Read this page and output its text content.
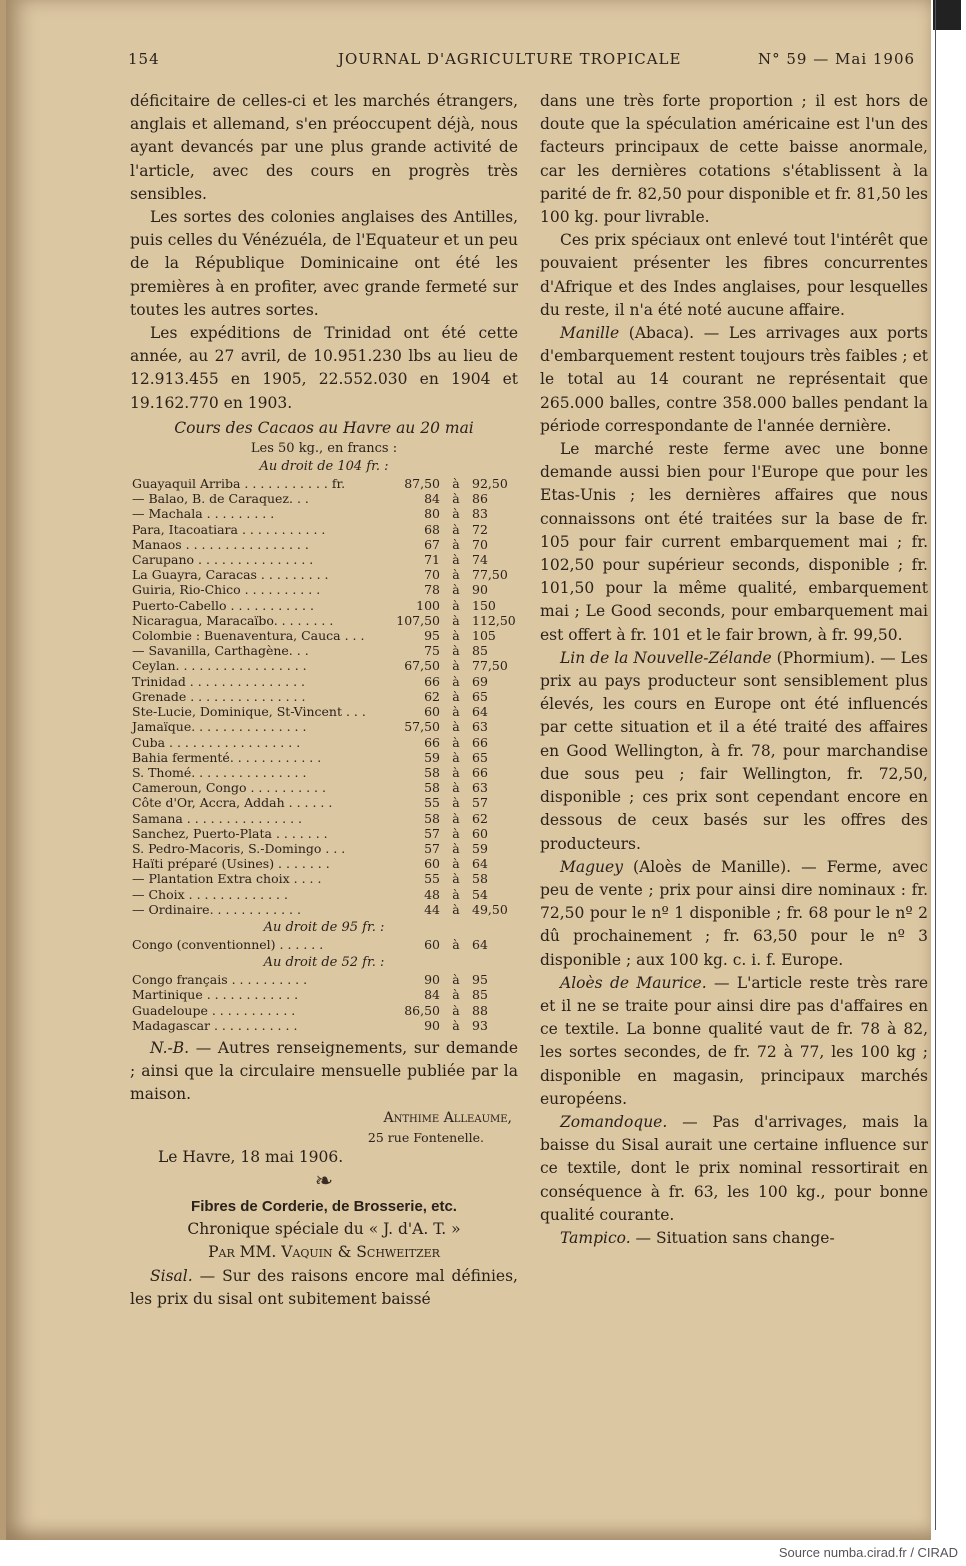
154	JOURNAL D'AGRICULTURE TROPICALE	N° 59 — Mai 1906

déficitaire de celles-ci et les marchés étrangers, anglais et allemand, s'en préoccupent déjà, nous ayant devancés par une plus grande activité de l'article, avec des cours en progrès très sensibles.

Les sortes des colonies anglaises des Antilles, puis celles du Vénézuéla, de l'Equateur et un peu de la République Dominicaine ont été les premières à en profiter, avec grande fermeté sur toutes les autres sortes.

Les expéditions de Trinidad ont été cette année, au 27 avril, de 10.951.230 lbs au lieu de 12.913.455 en 1905, 22.552.030 en 1904 et 19.162.770 en 1903.

Cours des Cacaos au Havre au 20 mai

Les 50 kg., en francs :

Au droit de 104 fr. :

Guayaquil Arriba . . . . . . . . . . . fr.	87,50	à	92,50
— Balao, B. de Caraquez. . .	84	à	86
— Machala . . . . . . . . .	80	à	83
Para, Itacoatiara . . . . . . . . . . .	68	à	72
Manaos . . . . . . . . . . . . . . . .	67	à	70
Carupano . . . . . . . . . . . . . . .	71	à	74
La Guayra, Caracas . . . . . . . . .	70	à	77,50
Guiria, Rio-Chico . . . . . . . . . .	78	à	90
Puerto-Cabello . . . . . . . . . . .	100	à	150
Nicaragua, Maracaïbo. . . . . . . .	107,50	à	112,50
Colombie : Buenaventura, Cauca . . .	95	à	105
— Savanilla, Carthagène. . .	75	à	85
Ceylan. . . . . . . . . . . . . . . . .	67,50	à	77,50
Trinidad . . . . . . . . . . . . . . .	66	à	69
Grenade . . . . . . . . . . . . . . .	62	à	65
Ste-Lucie, Dominique, St-Vincent . . .	60	à	64
Jamaïque. . . . . . . . . . . . . . .	57,50	à	63
Cuba . . . . . . . . . . . . . . . . .	66	à	66
Bahia fermenté. . . . . . . . . . . .	59	à	65
S. Thomé. . . . . . . . . . . . . . .	58	à	66
Cameroun, Congo . . . . . . . . . .	58	à	63
Côte d'Or, Accra, Addah . . . . . .	55	à	57
Samana . . . . . . . . . . . . . . .	58	à	62
Sanchez, Puerto-Plata . . . . . . .	57	à	60
S. Pedro-Macoris, S.-Domingo . . .	57	à	59
Haïti préparé (Usines) . . . . . . .	60	à	64
— Plantation Extra choix . . . .	55	à	58
— Choix . . . . . . . . . . . . .	48	à	54
— Ordinaire. . . . . . . . . . . .	44	à	49,50

Au droit de 95 fr. :

Congo (conventionnel) . . . . . .	60	à	64

Au droit de 52 fr. :

Congo français . . . . . . . . . .	90	à	95
Martinique . . . . . . . . . . . .	84	à	85
Guadeloupe . . . . . . . . . . .	86,50	à	88
Madagascar . . . . . . . . . . .	90	à	93

N.-B. — Autres renseignements, sur demande ; ainsi que la circulaire mensuelle publiée par la maison.

Anthime Alleaume,

25 rue Fontenelle.

Le Havre, 18 mai 1906.

❧

Fibres de Corderie, de Brosserie, etc.

Chronique spéciale du « J. d'A. T. »

Par MM. Vaquin & Schweitzer

Sisal. — Sur des raisons encore mal définies, les prix du sisal ont subitement baissé

dans une très forte proportion ; il est hors de doute que la spéculation américaine est l'un des facteurs principaux de cette baisse anormale, car les dernières cotations s'établissent à la parité de fr. 82,50 pour disponible et fr. 81,50 les 100 kg. pour livrable.

Ces prix spéciaux ont enlevé tout l'intérêt que pouvaient présenter les fibres concurrentes d'Afrique et des Indes anglaises, pour lesquelles du reste, il n'a été noté aucune affaire.

Manille (Abaca). — Les arrivages aux ports d'embarquement restent toujours très faibles ; et le total au 14 courant ne représentait que 265.000 balles, contre 358.000 balles pendant la période correspondante de l'année dernière.

Le marché reste ferme avec une bonne demande aussi bien pour l'Europe que pour les Etas-Unis ; les dernières affaires que nous connaissons ont été traitées sur la base de fr. 105 pour fair current embarquement mai ; fr. 102,50 pour supérieur seconds, disponible ; fr. 101,50 pour la même qualité, embarquement mai ; Le Good seconds, pour embarquement mai est offert à fr. 101 et le fair brown, à fr. 99,50.

Lin de la Nouvelle-Zélande (Phormium). — Les prix au pays producteur sont sensiblement plus élevés, les cours en Europe ont été influencés par cette situation et il a été traité des affaires en Good Wellington, à fr. 78, pour marchandise due sous peu ; fair Wellington, fr. 72,50, disponible ; ces prix sont cependant encore en dessous de ceux basés sur les offres des producteurs.

Maguey (Aloès de Manille). — Ferme, avec peu de vente ; prix pour ainsi dire nominaux : fr. 72,50 pour le nº 1 disponible ; fr. 68 pour le nº 2 dû prochainement ; fr. 63,50 pour le nº 3 disponible ; aux 100 kg. c. i. f. Europe.

Aloès de Maurice. — L'article reste très rare et il ne se traite pour ainsi dire pas d'affaires en ce textile. La bonne qualité vaut de fr. 78 à 82, les sortes secondes, de fr. 72 à 77, les 100 kg ; disponible en magasin, principaux marchés européens.

Zomandoque. — Pas d'arrivages, mais la baisse du Sisal aurait une certaine influence sur ce textile, dont le prix nominal ressortirait en conséquence à fr. 63, les 100 kg., pour bonne qualité courante.

Tampico. — Situation sans change-

Source numba.cirad.fr / CIRAD
